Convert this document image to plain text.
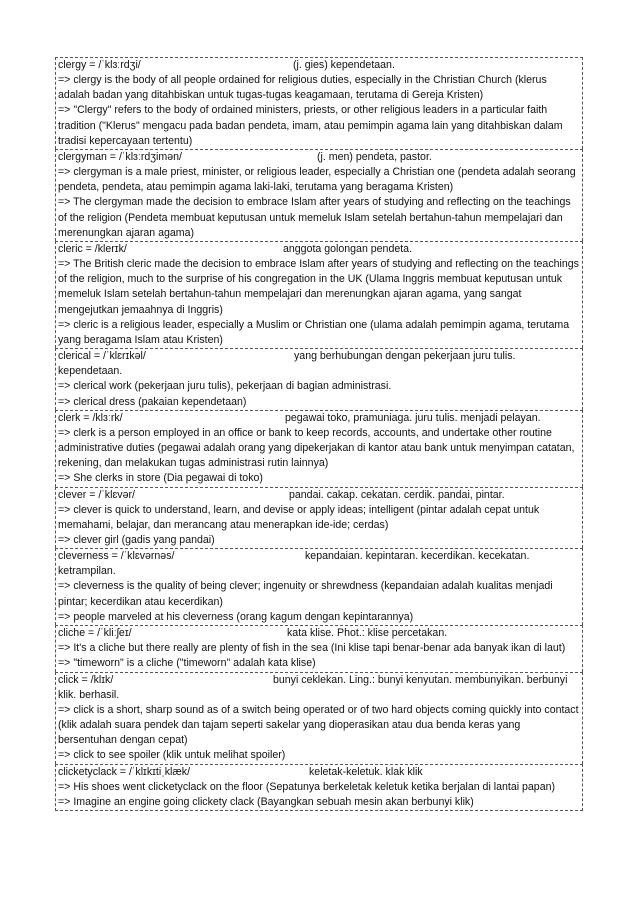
clergy = /ˈklɜːrdʒi/	(j. gies) kependetaan.

=> clergy is the body of all people ordained for religious duties, especially in the Christian Church (klerus adalah badan yang ditahbiskan untuk tugas-tugas keagamaan, terutama di Gereja Kristen)

=> "Clergy" refers to the body of ordained ministers, priests, or other religious leaders in a particular faith tradition ("Klerus" mengacu pada badan pendeta, imam, atau pemimpin agama lain yang ditahbiskan dalam tradisi kepercayaan tertentu)

clergyman = /ˈklɜːrdʒimən/	(j. men) pendeta, pastor.

=> clergyman is a male priest, minister, or religious leader, especially a Christian one (pendeta adalah seorang pendeta, pendeta, atau pemimpin agama laki-laki, terutama yang beragama Kristen)

=> The clergyman made the decision to embrace Islam after years of studying and reflecting on the teachings of the religion (Pendeta membuat keputusan untuk memeluk Islam setelah bertahun-tahun mempelajari dan merenungkan ajaran agama)

cleric = /klerɪk/	anggota golongan pendeta.

=> The British cleric made the decision to embrace Islam after years of studying and reflecting on the teachings of the religion, much to the surprise of his congregation in the UK (Ulama Inggris membuat keputusan untuk memeluk Islam setelah bertahun-tahun mempelajari dan merenungkan ajaran agama, yang sangat mengejutkan jemaahnya di Inggris)

=> cleric is a religious leader, especially a Muslim or Christian one (ulama adalah pemimpin agama, terutama yang beragama Islam atau Kristen)

clerical = /ˈklɛrɪkəl/	yang berhubungan dengan pekerjaan juru tulis.

kependetaan.

=> clerical work (pekerjaan juru tulis), pekerjaan di bagian administrasi.

=> clerical dress (pakaian kependetaan)

clerk = /klɜːrk/	pegawai toko, pramuniaga. juru tulis. menjadi pelayan.

=> clerk is a person employed in an office or bank to keep records, accounts, and undertake other routine administrative duties (pegawai adalah orang yang dipekerjakan di kantor atau bank untuk menyimpan catatan, rekening, dan melakukan tugas administrasi rutin lainnya)

=> She clerks in store (Dia pegawai di toko)

clever = /ˈklɛvər/	pandai. cakap. cekatan. cerdik. pandai, pintar.

=> clever is quick to understand, learn, and devise or apply ideas; intelligent (pintar adalah cepat untuk memahami, belajar, dan merancang atau menerapkan ide-ide; cerdas)

=> clever girl (gadis yang pandai)

cleverness = /ˈklɛvərnəs/	kepandaian. kepintaran. kecerdikan. kecekatan.

ketrampilan.

=> cleverness is the quality of being clever; ingenuity or shrewdness (kepandaian adalah kualitas menjadi pintar; kecerdikan atau kecerdikan)

=> people marveled at his cleverness (orang kagum dengan kepintarannya)

cliche = /ˈkliːʃeɪ/	kata klise. Phot.: klise percetakan.

=> It's a cliche but there really are plenty of fish in the sea (Ini klise tapi benar-benar ada banyak ikan di laut)

=> "timeworn" is a cliche ("timeworn" adalah kata klise)

click = /klɪk/	bunyi ceklekan. Ling.: bunyi kenyutan. membunyikan. berbunyi

klik. berhasil.

=> click is a short, sharp sound as of a switch being operated or of two hard objects coming quickly into contact (klik adalah suara pendek dan tajam seperti sakelar yang dioperasikan atau dua benda keras yang bersentuhan dengan cepat)

=> click to see spoiler (klik untuk melihat spoiler)

clicketyclack = /ˈklɪkɪtiˌklæk/	keletak-keletuk. klak klik

=> His shoes went clicketyclack on the floor (Sepatunya berkeletak keletuk ketika berjalan di lantai papan)

=> Imagine an engine going clickety clack (Bayangkan sebuah mesin akan berbunyi klik)
